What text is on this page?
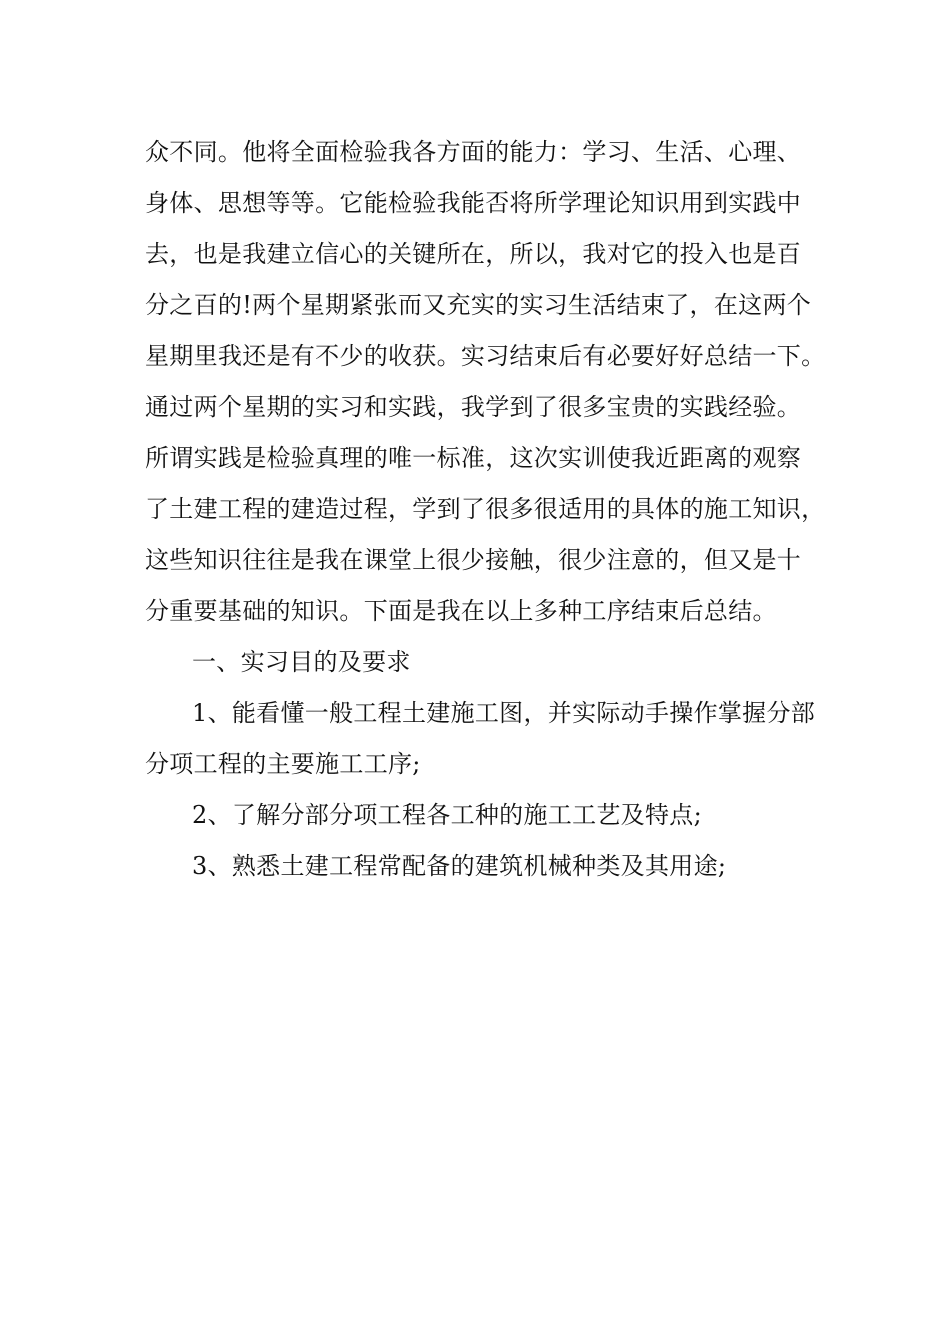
众不同。他将全面检验我各方面的能力：学习、生活、心理、
身体、思想等等。它能检验我能否将所学理论知识用到实践中
去，也是我建立信心的关键所在，所以，我对它的投入也是百
分之百的!两个星期紧张而又充实的实习生活结束了，在这两个
星期里我还是有不少的收获。实习结束后有必要好好总结一下。
通过两个星期的实习和实践，我学到了很多宝贵的实践经验。
所谓实践是检验真理的唯一标准，这次实训使我近距离的观察
了土建工程的建造过程，学到了很多很适用的具体的施工知识，
这些知识往往是我在课堂上很少接触，很少注意的，但又是十
分重要基础的知识。下面是我在以上多种工序结束后总结。
一、实习目的及要求
1、能看懂一般工程土建施工图，并实际动手操作掌握分部
分项工程的主要施工工序;
2、了解分部分项工程各工种的施工工艺及特点;
3、熟悉土建工程常配备的建筑机械种类及其用途;
